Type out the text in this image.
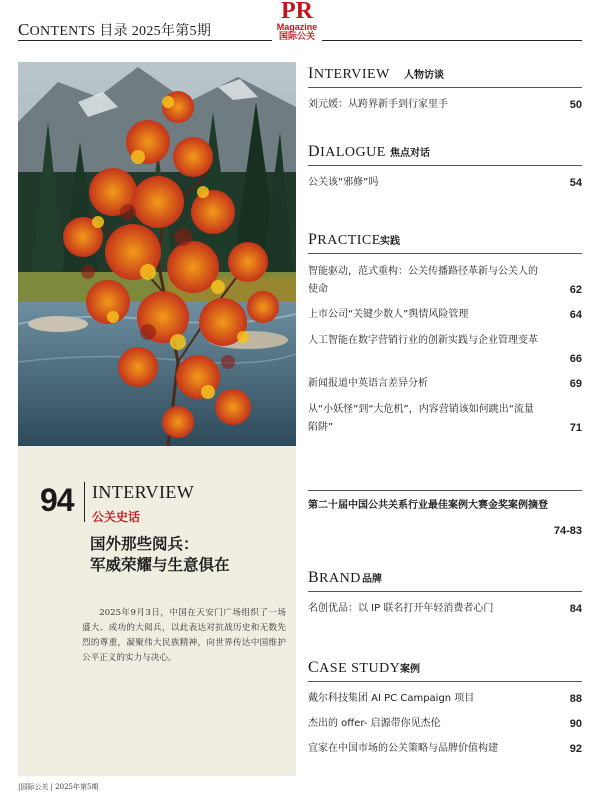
CONTENTS 目录 2025年第5期
PR
Magazine
国际公关
94 INTERVIEW
公关史话
国外那些阅兵：
军威荣耀与生意俱在
2025年9月3日，中国在天安门广场组织了一场盛大、成功的大阅兵，以此表达对抗战历史和无数先烈的尊重，凝聚伟大民族精神，向世界传达中国维护公平正义的实力与决心。
INTERVIEW 人物访谈
刘元媛：从跨界新手到行家里手	50
DIALOGUE 焦点对话
公关该“邪修”吗	54
PRACTICE 实践
智能驱动，范式重构：公关传播路径革新与公关人的
使命	62
上市公司“关键少数人”舆情风险管理	64
人工智能在数字营销行业的创新实践与企业管理变革
66
新闻报道中英语言差异分析	69
从“小妖怪”到“大危机”，内容营销该如何跳出“流量
陷阱”	71
第二十届中国公共关系行业最佳案例大赛金奖案例摘登
74-83
BRAND 品牌
名创优品：以 IP 联名打开年轻消费者心门	84
CASE STUDY 案例
戴尔科技集团 AI PC Campaign 项目	88
杰出的 offer- 启源带你见杰伦	90
宜家在中国市场的公关策略与品牌价值构建	92
|国际公关 | 2025年第5期
